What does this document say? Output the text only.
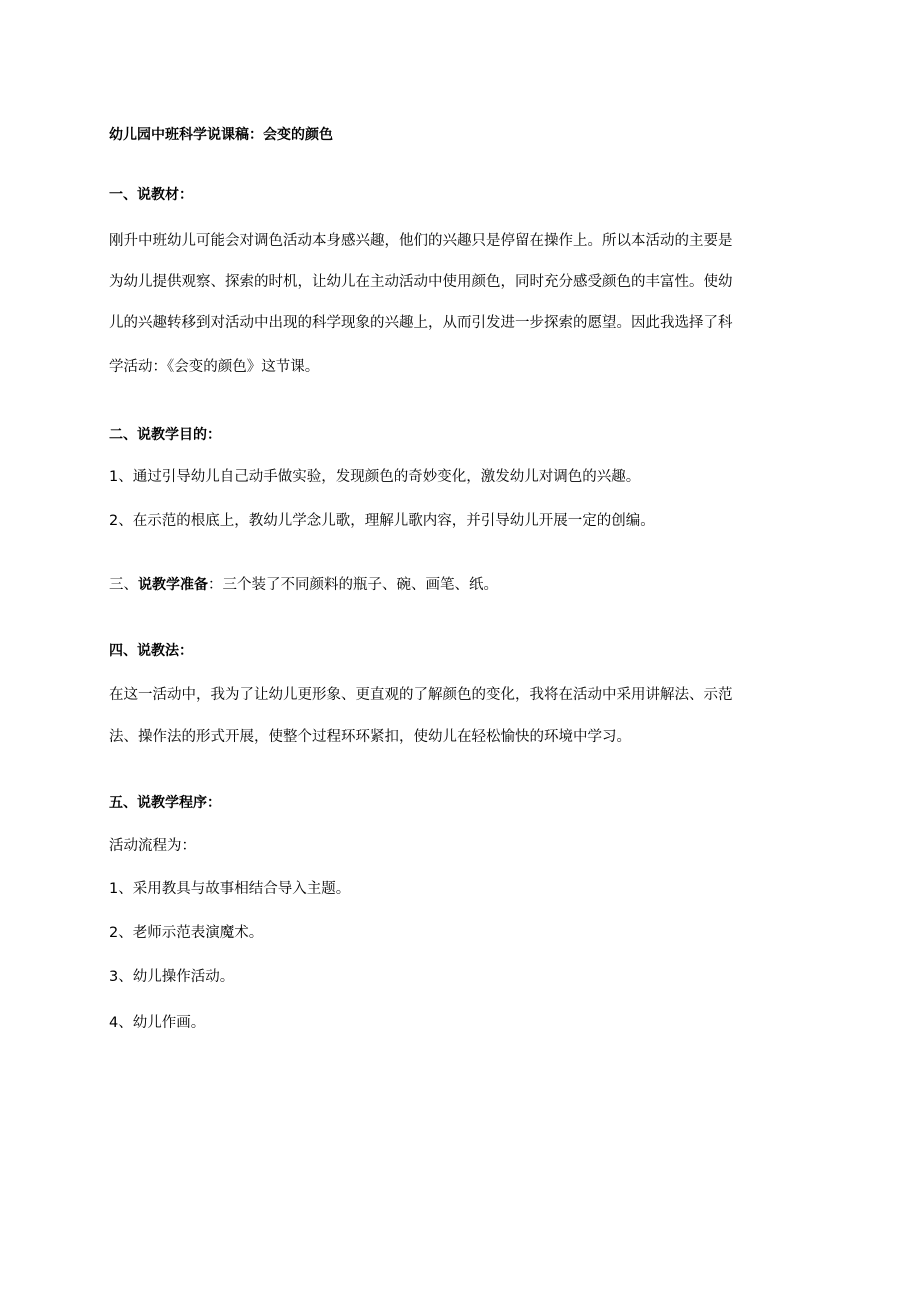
幼儿园中班科学说课稿：会变的颜色
一、说教材：
刚升中班幼儿可能会对调色活动本身感兴趣，他们的兴趣只是停留在操作上。所以本活动的主要是
为幼儿提供观察、探索的时机，让幼儿在主动活动中使用颜色，同时充分感受颜色的丰富性。使幼
儿的兴趣转移到对活动中出现的科学现象的兴趣上，从而引发进一步探索的愿望。因此我选择了科
学活动：《会变的颜色》这节课。
二、说教学目的：
1、通过引导幼儿自己动手做实验，发现颜色的奇妙变化，激发幼儿对调色的兴趣。
2、在示范的根底上，教幼儿学念儿歌，理解儿歌内容，并引导幼儿开展一定的创编。
三、说教学准备：三个装了不同颜料的瓶子、碗、画笔、纸。
四、说教法：
在这一活动中，我为了让幼儿更形象、更直观的了解颜色的变化，我将在活动中采用讲解法、示范
法、操作法的形式开展，使整个过程环环紧扣，使幼儿在轻松愉快的环境中学习。
五、说教学程序：
活动流程为：
1、采用教具与故事相结合导入主题。
2、老师示范表演魔术。
3、幼儿操作活动。
4、幼儿作画。
